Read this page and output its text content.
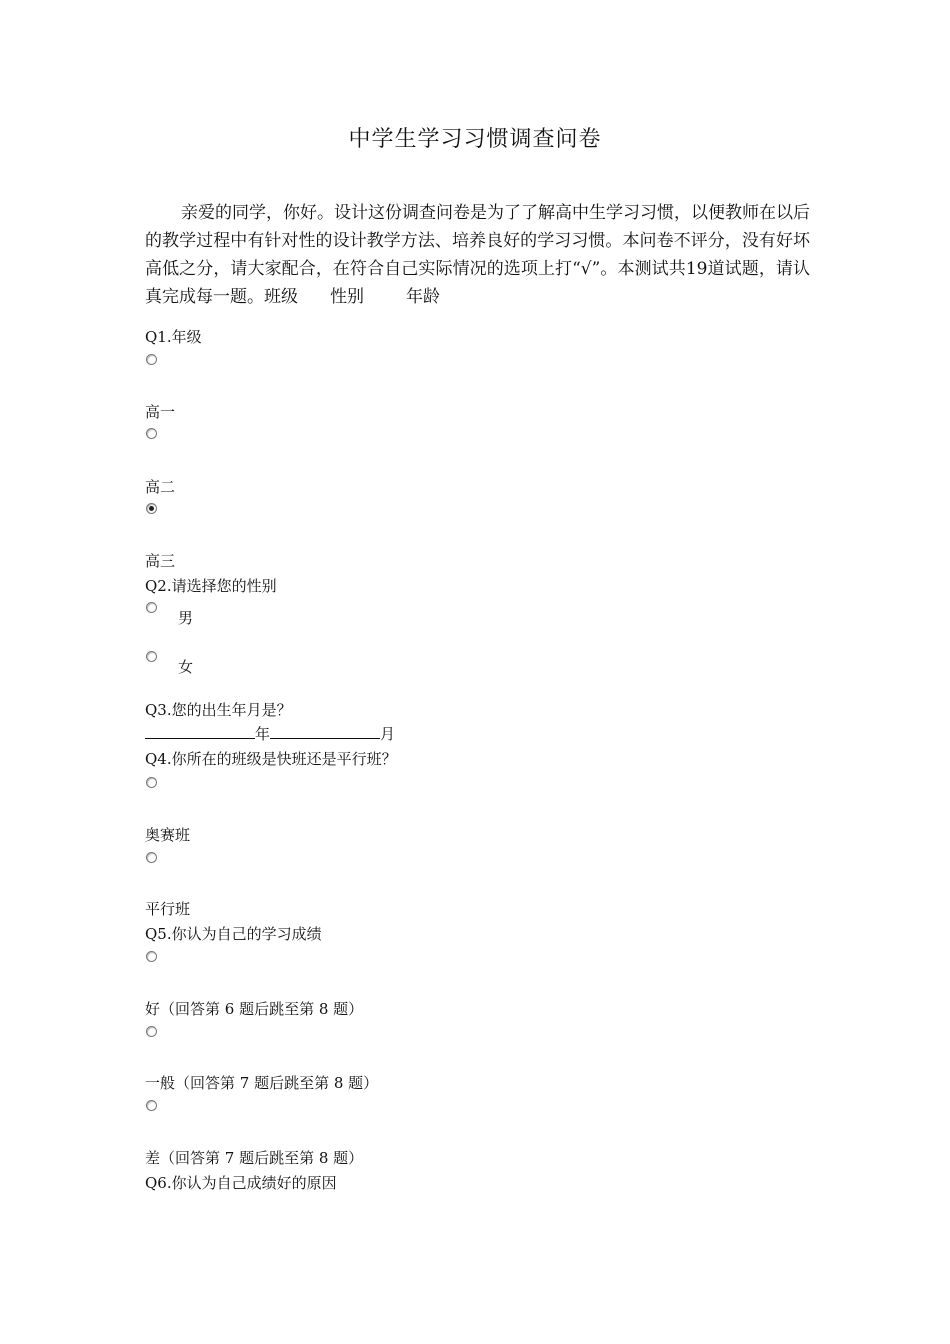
中学生学习习惯调查问卷

亲爱的同学，你好。设计这份调查问卷是为了了解高中生学习习惯，以便教师在以后的教学过程中有针对性的设计教学方法、培养良好的学习习惯。本问卷不评分，没有好坏高低之分，请大家配合，在符合自己实际情况的选项上打“√”。本测试共19道试题，请认真完成每一题。班级 性别 年龄

Q1.年级
高一
高二
高三
Q2.请选择您的性别
男
女
Q3.您的出生年月是？
年	月
Q4.你所在的班级是快班还是平行班？
奥赛班
平行班
Q5.你认为自己的学习成绩
好（回答第 6 题后跳至第 8 题）
一般（回答第 7 题后跳至第 8 题）
差（回答第 7 题后跳至第 8 题）
Q6.你认为自己成绩好的原因
